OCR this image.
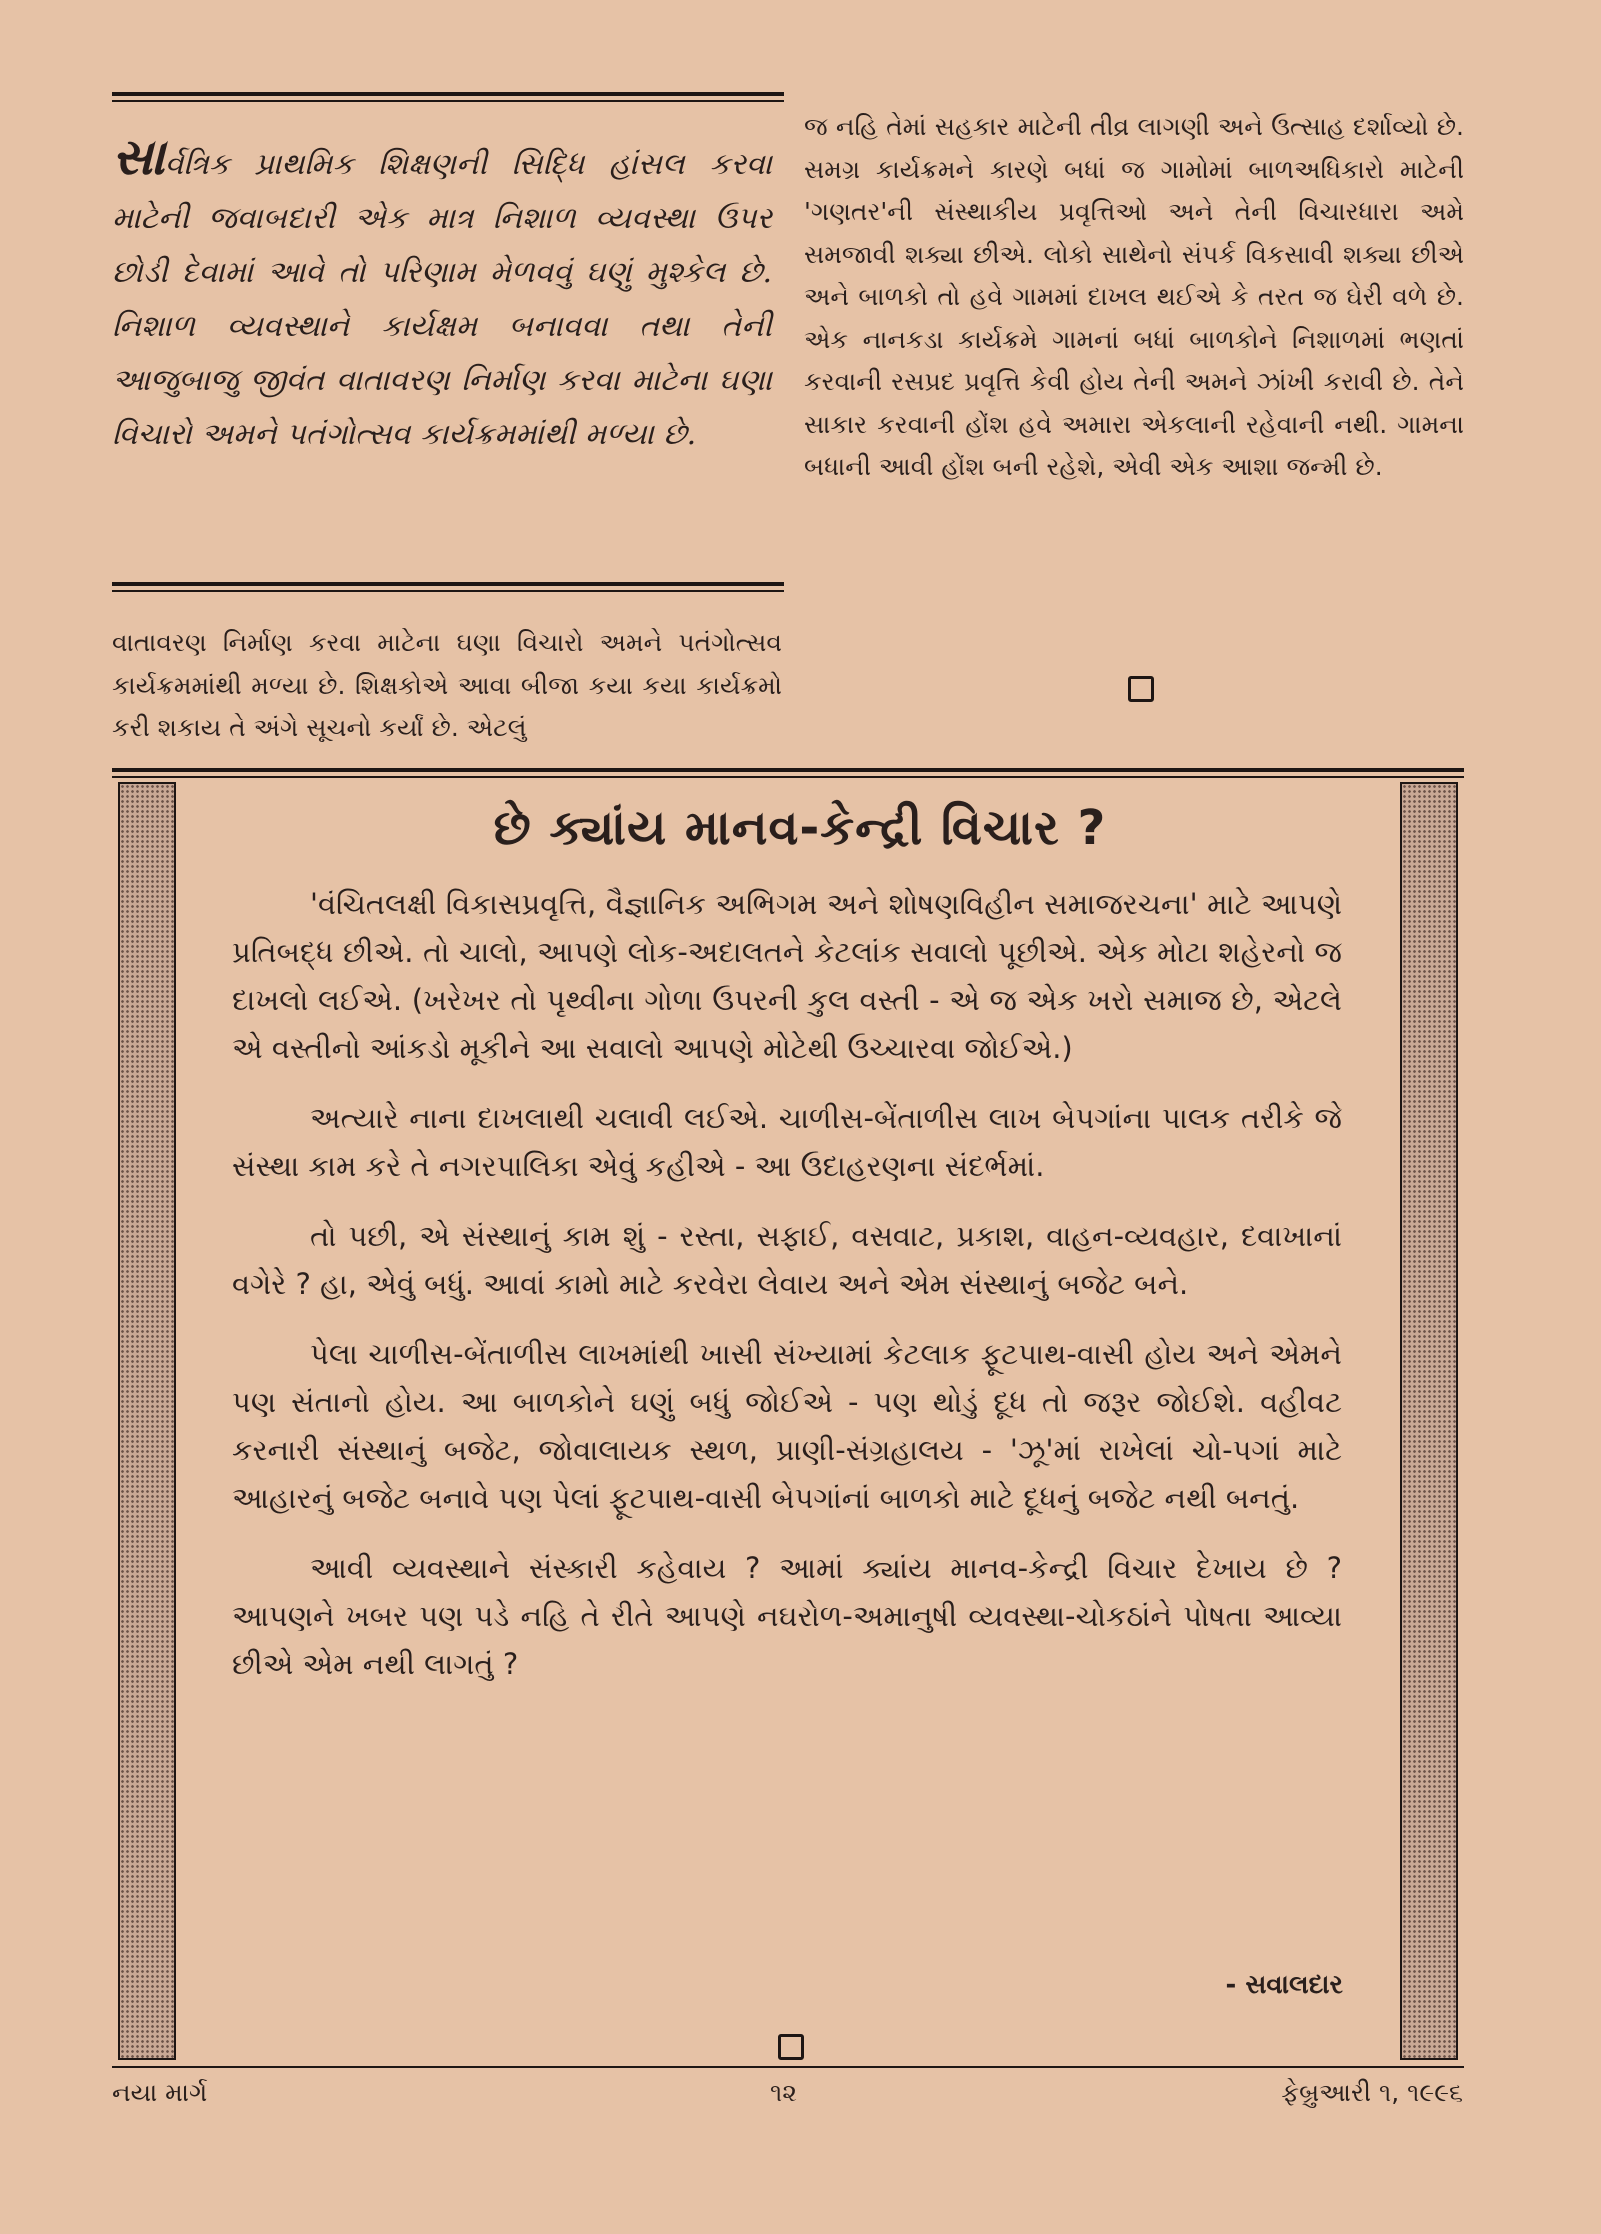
સાર્વત્રિક પ્રાથમિક શિક્ષણની સિદ્ધિ હાંસલ કરવા માટેની જવાબદારી એક માત્ર નિશાળ વ્યવસ્થા ઉપર છોડી દેવામાં આવે તો પરિણામ મેળવવું ઘણું મુશ્કેલ છે. નિશાળ વ્યવસ્થાને કાર્યક્ષમ બનાવવા તથા તેની આજુબાજુ જીવંત વાતાવરણ નિર્માણ કરવા માટેના ઘણા વિચારો અમને પતંગોત્સવ કાર્યક્રમમાંથી મળ્યા છે.
વાતાવરણ નિર્માણ કરવા માટેના ઘણા વિચારો અમને પતંગોત્સવ કાર્યક્રમમાંથી મળ્યા છે. શિક્ષકોએ આવા બીજા કયા કયા કાર્યક્રમો કરી શકાય તે અંગે સૂચનો કર્યાં છે. એટલું
જ નહિ તેમાં સહકાર માટેની તીવ્ર લાગણી અને ઉત્સાહ દર્શાવ્યો છે. સમગ્ર કાર્યક્રમને કારણે બધાં જ ગામોમાં બાળઅધિકારો માટેની 'ગણતર'ની સંસ્થાકીય પ્રવૃત્તિઓ અને તેની વિચારધારા અમે સમજાવી શક્યા છીએ. લોકો સાથેનો સંપર્ક વિકસાવી શક્યા છીએ અને બાળકો તો હવે ગામમાં દાખલ થઈએ કે તરત જ ઘેરી વળે છે. એક નાનકડા કાર્યક્રમે ગામનાં બધાં બાળકોને નિશાળમાં ભણતાં કરવાની રસપ્રદ પ્રવૃત્તિ કેવી હોય તેની અમને ઝાંખી કરાવી છે. તેને સાકાર કરવાની હોંશ હવે અમારા એકલાની રહેવાની નથી. ગામના બધાની આવી હોંશ બની રહેશે, એવી એક આશા જન્મી છે.
છે ક્યાંય માનવ-કેન્દ્રી વિચાર ?

'વંચિતલક્ષી વિકાસપ્રવૃત્તિ, વૈજ્ઞાનિક અભિગમ અને શોષણવિહીન સમાજરચના' માટે આપણે પ્રતિબદ્ધ છીએ. તો ચાલો, આપણે લોક-અદાલતને કેટલાંક સવાલો પૂછીએ. એક મોટા શહેરનો જ દાખલો લઈએ. (ખરેખર તો પૃથ્વીના ગોળા ઉપરની કુલ વસ્તી - એ જ એક ખરો સમાજ છે, એટલે એ વસ્તીનો આંકડો મૂકીને આ સવાલો આપણે મોટેથી ઉચ્ચારવા જોઈએ.)

અત્યારે નાના દાખલાથી ચલાવી લઈએ. ચાળીસ-બેંતાળીસ લાખ બેપગાંના પાલક તરીકે જે સંસ્થા કામ કરે તે નગરપાલિકા એવું કહીએ - આ ઉદાહરણના સંદર્ભમાં.

તો પછી, એ સંસ્થાનું કામ શું - રસ્તા, સફાઈ, વસવાટ, પ્રકાશ, વાહન-વ્યવહાર, દવાખાનાં વગેરે ? હા, એવું બધું. આવાં કામો માટે કરવેરા લેવાય અને એમ સંસ્થાનું બજેટ બને.

પેલા ચાળીસ-બેંતાળીસ લાખમાંથી ખાસી સંખ્યામાં કેટલાક ફૂટપાથ-વાસી હોય અને એમને પણ સંતાનો હોય. આ બાળકોને ઘણું બધું જોઈએ - પણ થોડું દૂધ તો જરૂર જોઈશે. વહીવટ કરનારી સંસ્થાનું બજેટ, જોવાલાયક સ્થળ, પ્રાણી-સંગ્રહાલય - 'ઝૂ'માં રાખેલાં ચો-પગાં માટે આહારનું બજેટ બનાવે પણ પેલાં ફૂટપાથ-વાસી બેપગાંનાં બાળકો માટે દૂધનું બજેટ નથી બનતું.

આવી વ્યવસ્થાને સંસ્કારી કહેવાય ? આમાં ક્યાંય માનવ-કેન્દ્રી વિચાર દેખાય છે ? આપણને ખબર પણ પડે નહિ તે રીતે આપણે નઘરોળ-અમાનુષી વ્યવસ્થા-ચોકઠાંને પોષતા આવ્યા છીએ એમ નથી લાગતું ?

- સવાલદાર
નયા માર્ગ	૧૨	ફેબ્રુઆરી ૧, ૧૯૯૬
